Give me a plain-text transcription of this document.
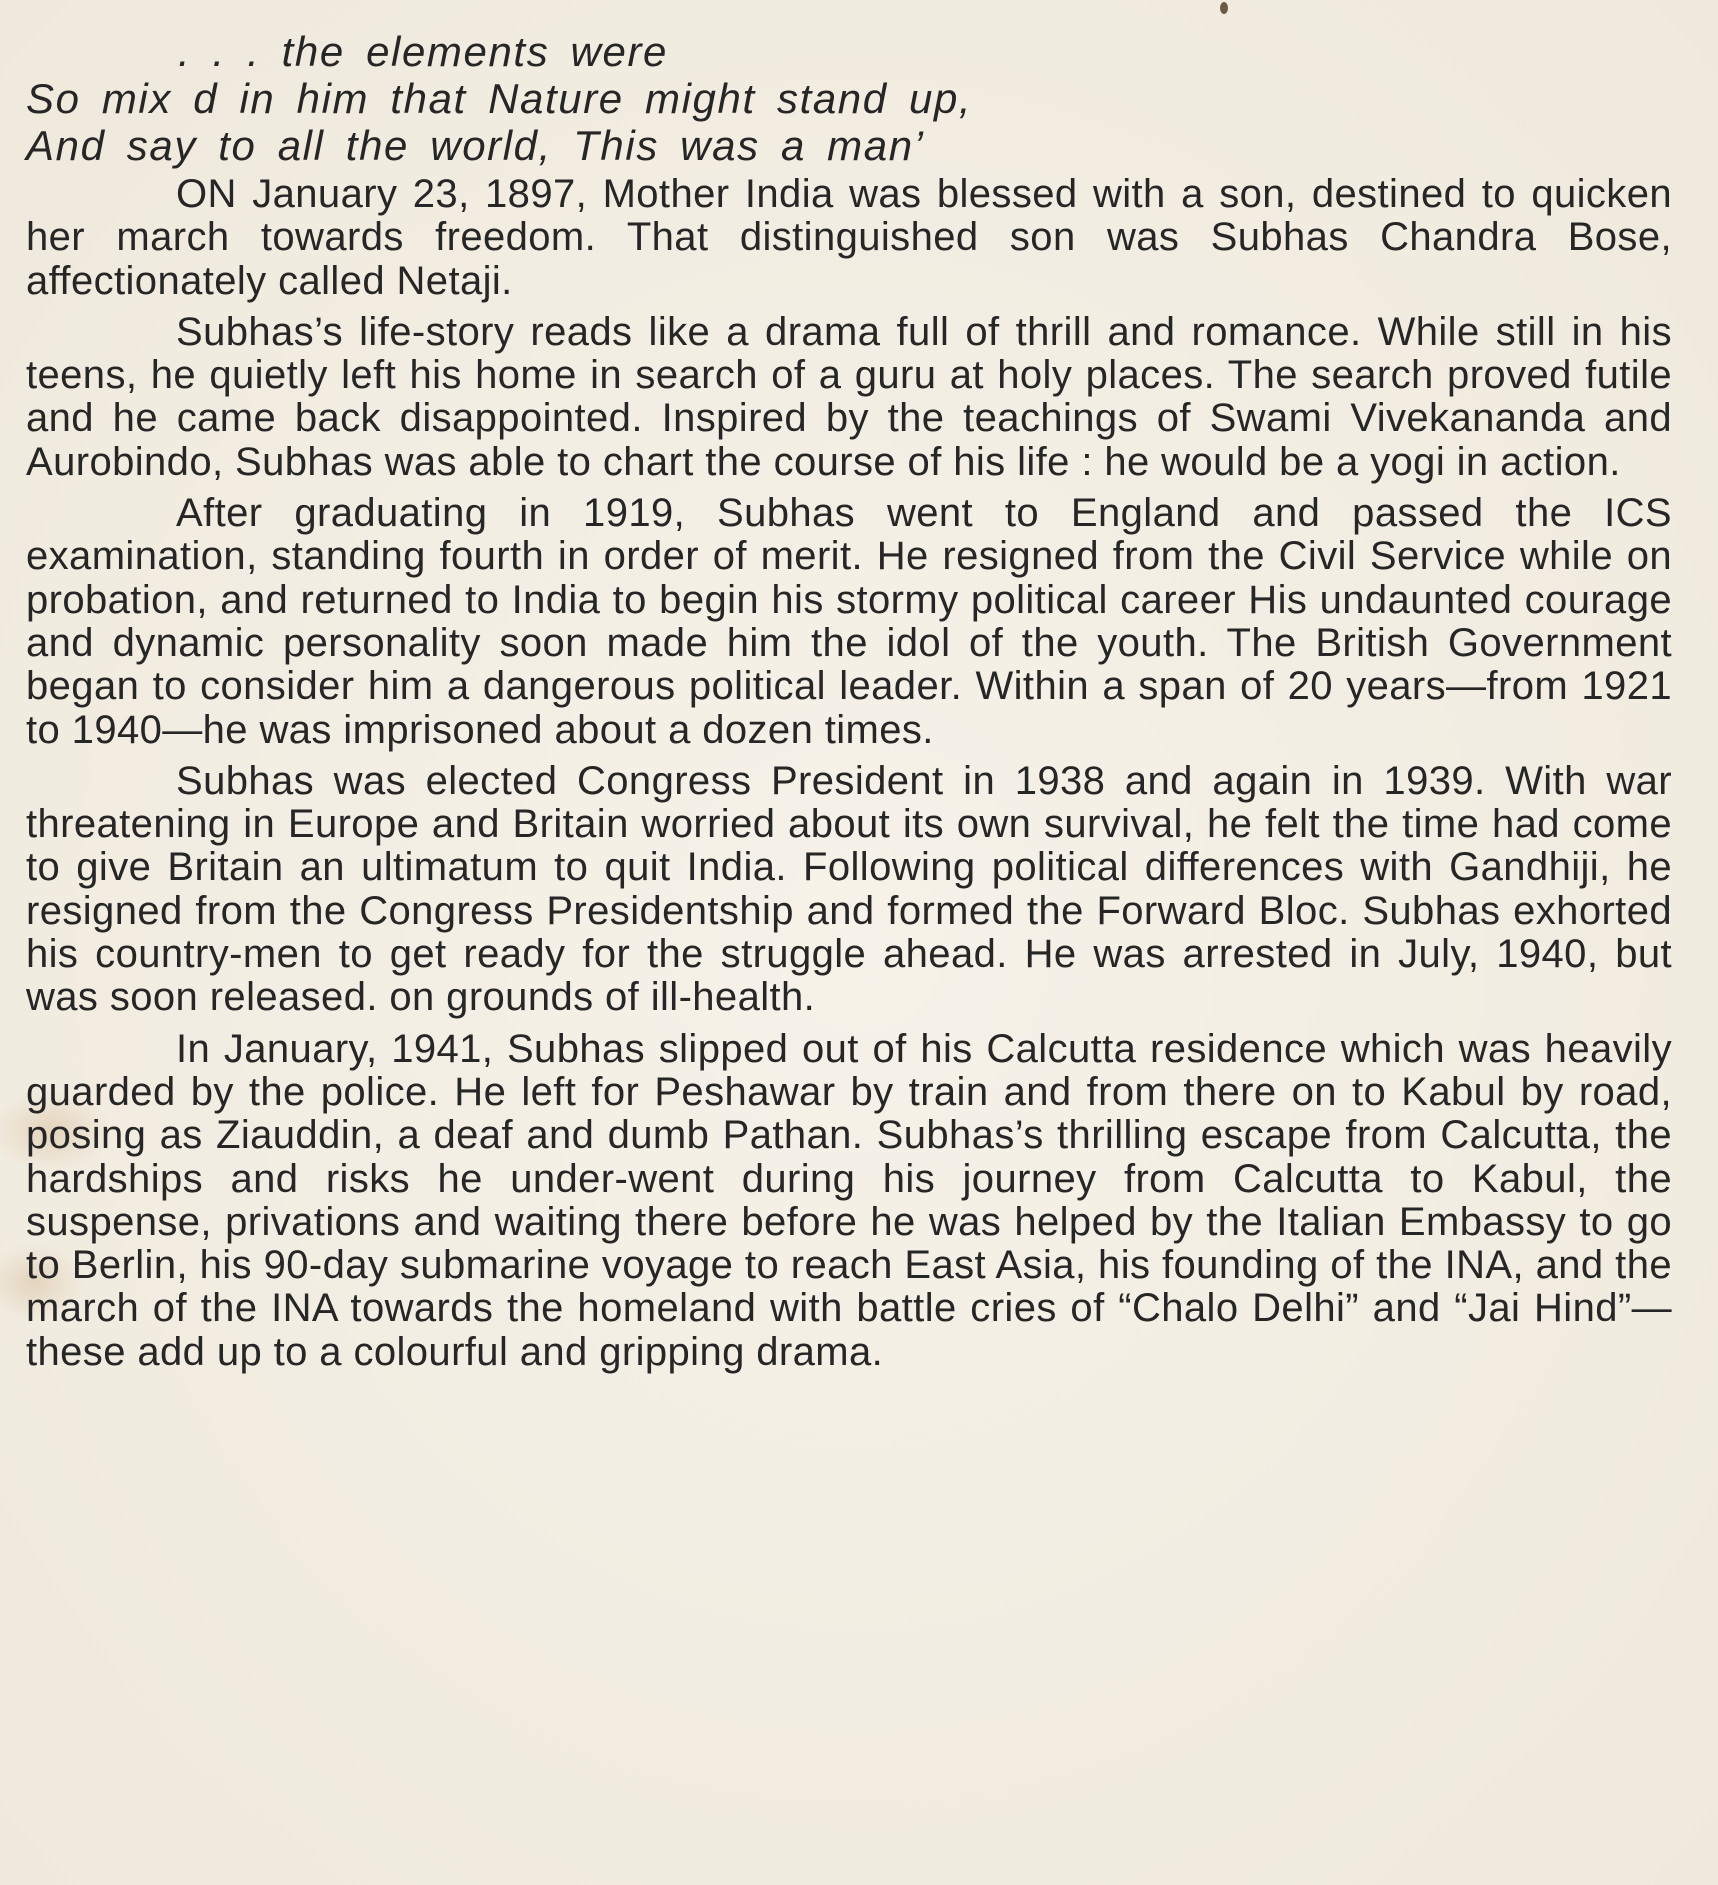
. . . the elements were
So mix d in him that Nature might stand up,
And say to all the world, This was a man’

ON January 23, 1897, Mother India was blessed with a son, destined to quicken her march towards freedom. That distinguished son was Subhas Chandra Bose, affectionately called Netaji.

Subhas’s life-story reads like a drama full of thrill and romance. While still in his teens, he quietly left his home in search of a guru at holy places. The search proved futile and he came back disappointed. Inspired by the teachings of Swami Vivekananda and Aurobindo, Subhas was able to chart the course of his life : he would be a yogi in action.

After graduating in 1919, Subhas went to England and passed the ICS examination, standing fourth in order of merit. He resigned from the Civil Service while on probation, and returned to India to begin his stormy political career His undaunted courage and dynamic personality soon made him the idol of the youth. The British Government began to consider him a dangerous political leader. Within a span of 20 years—from 1921 to 1940—he was imprisoned about a dozen times.

Subhas was elected Congress President in 1938 and again in 1939. With war threatening in Europe and Britain worried about its own survival, he felt the time had come to give Britain an ultimatum to quit India. Following political differences with Gandhiji, he resigned from the Congress Presidentship and formed the Forward Bloc. Subhas exhorted his country-men to get ready for the struggle ahead. He was arrested in July, 1940, but was soon released. on grounds of ill-health.

In January, 1941, Subhas slipped out of his Calcutta residence which was heavily guarded by the police. He left for Peshawar by train and from there on to Kabul by road, posing as Ziauddin, a deaf and dumb Pathan. Subhas’s thrilling escape from Calcutta, the hardships and risks he under-went during his journey from Calcutta to Kabul, the suspense, privations and waiting there before he was helped by the Italian Embassy to go to Berlin, his 90-day submarine voyage to reach East Asia, his founding of the INA, and the march of the INA towards the homeland with battle cries of “Chalo Delhi” and “Jai Hind”—these add up to a colourful and gripping drama.
